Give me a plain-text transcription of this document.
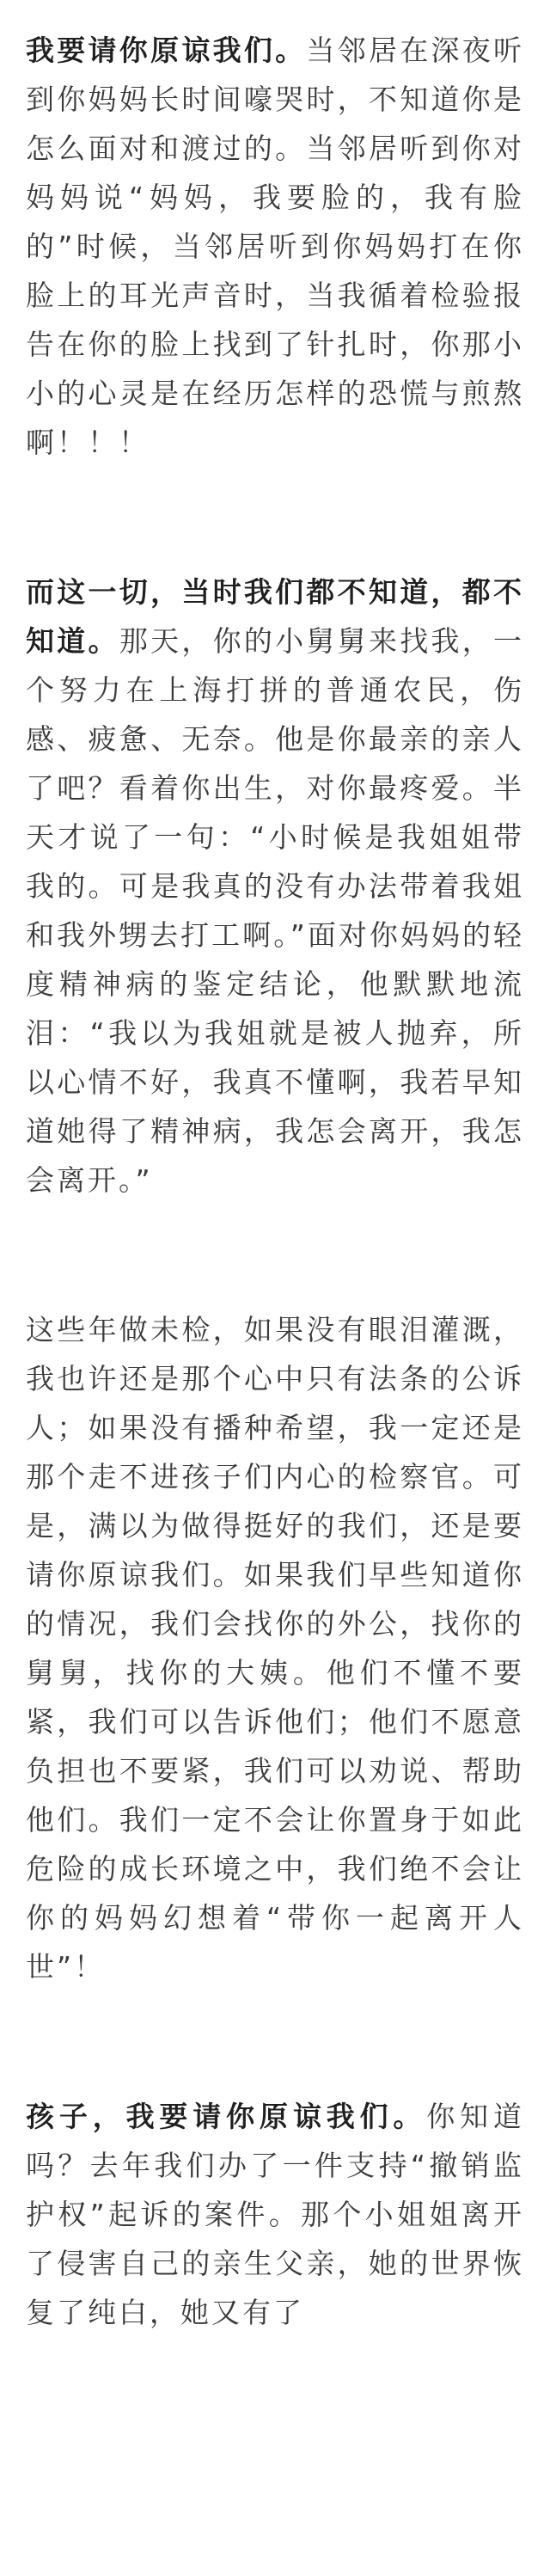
我要请你原谅我们。当邻居在深夜听到你妈妈长时间嚎哭时，不知道你是怎么面对和渡过的。当邻居听到你对妈妈说“妈妈，我要脸的，我有脸的”时候，当邻居听到你妈妈打在你脸上的耳光声音时，当我循着检验报告在你的脸上找到了针扎时，你那小小的心灵是在经历怎样的恐慌与煎熬啊！！！

而这一切，当时我们都不知道，都不知道。那天，你的小舅舅来找我，一个努力在上海打拼的普通农民，伤感、疲惫、无奈。他是你最亲的亲人了吧？看着你出生，对你最疼爱。半天才说了一句：“小时候是我姐姐带我的。可是我真的没有办法带着我姐和我外甥去打工啊。”面对你妈妈的轻度精神病的鉴定结论，他默默地流泪：“我以为我姐就是被人抛弃，所以心情不好，我真不懂啊，我若早知道她得了精神病，我怎会离开，我怎会离开。”

这些年做未检，如果没有眼泪灌溉，我也许还是那个心中只有法条的公诉人；如果没有播种希望，我一定还是那个走不进孩子们内心的检察官。可是，满以为做得挺好的我们，还是要请你原谅我们。如果我们早些知道你的情况，我们会找你的外公，找你的舅舅，找你的大姨。他们不懂不要紧，我们可以告诉他们；他们不愿意负担也不要紧，我们可以劝说、帮助他们。我们一定不会让你置身于如此危险的成长环境之中，我们绝不会让你的妈妈幻想着“带你一起离开人世”！

孩子，我要请你原谅我们。你知道吗？去年我们办了一件支持“撤销监护权”起诉的案件。那个小姐姐离开了侵害自己的亲生父亲，她的世界恢复了纯白，她又有了
